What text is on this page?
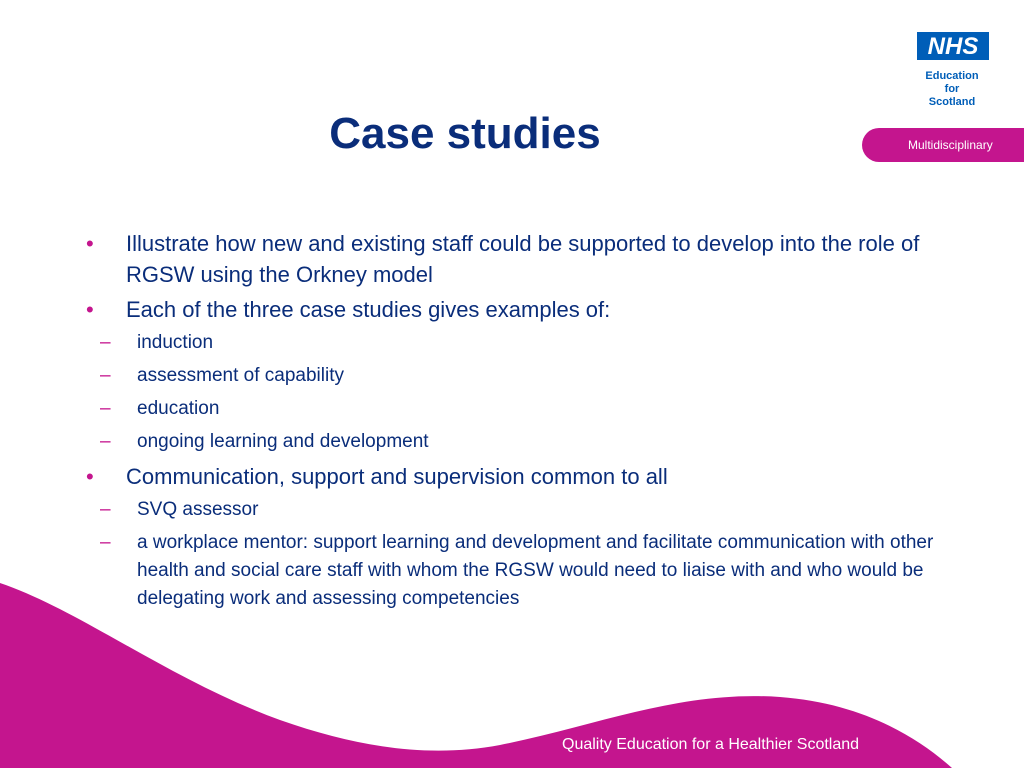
NHS
Education
for
Scotland
Multidisciplinary
Case studies
• Illustrate how new and existing staff could be supported to develop into the role of RGSW using the Orkney model
• Each of the three case studies gives examples of:
– induction
– assessment of capability
– education
– ongoing learning and development
• Communication, support and supervision common to all
– SVQ assessor
– a workplace mentor: support learning and development and facilitate communication with other health and social care staff with whom the RGSW would need to liaise with and who would be delegating work and assessing competencies
Quality Education for a Healthier Scotland
